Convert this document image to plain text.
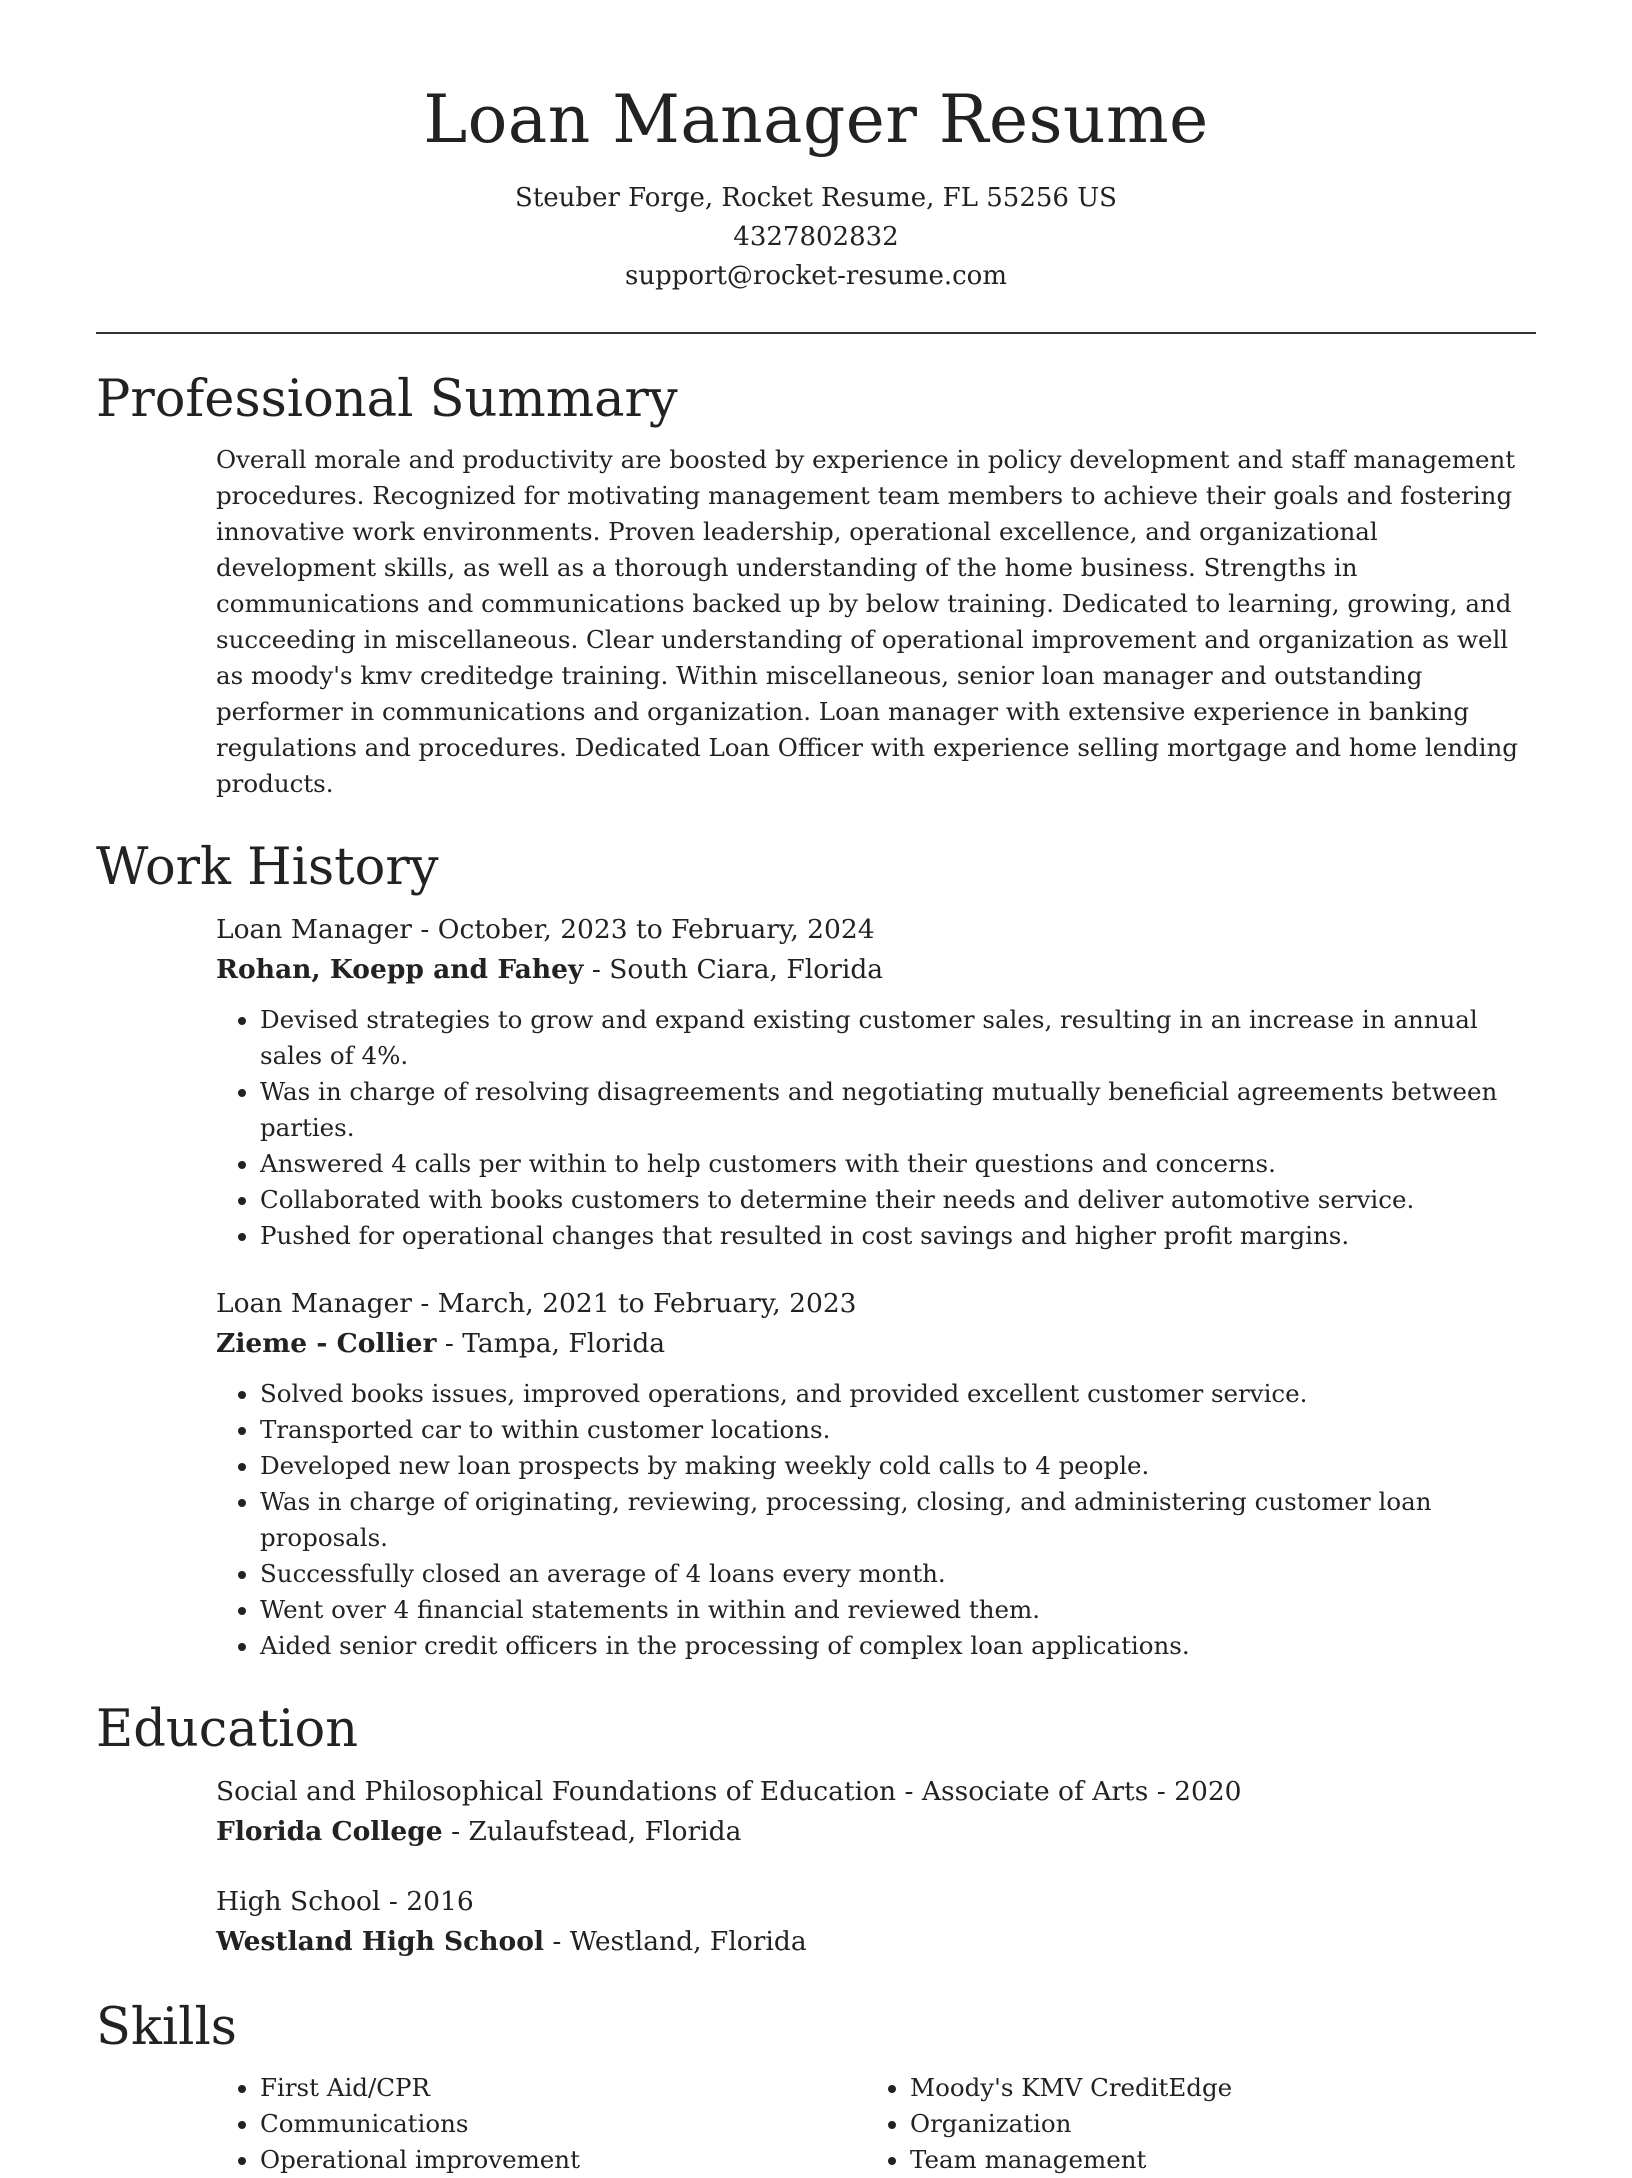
Loan Manager Resume
Steuber Forge, Rocket Resume, FL 55256 US
4327802832
support@rocket-resume.com
Professional Summary

Overall morale and productivity are boosted by experience in policy development and staff management procedures. Recognized for motivating management team members to achieve their goals and fostering innovative work environments. Proven leadership, operational excellence, and organizational development skills, as well as a thorough understanding of the home business. Strengths in communications and communications backed up by below training. Dedicated to learning, growing, and succeeding in miscellaneous. Clear understanding of operational improvement and organization as well as moody's kmv creditedge training. Within miscellaneous, senior loan manager and outstanding performer in communications and organization. Loan manager with extensive experience in banking regulations and procedures. Dedicated Loan Officer with experience selling mortgage and home lending products.

Work History
Loan Manager - October, 2023 to February, 2024
Rohan, Koepp and Fahey - South Ciara, Florida
• Devised strategies to grow and expand existing customer sales, resulting in an increase in annual sales of 4%.
• Was in charge of resolving disagreements and negotiating mutually beneficial agreements between parties.
• Answered 4 calls per within to help customers with their questions and concerns.
• Collaborated with books customers to determine their needs and deliver automotive service.
• Pushed for operational changes that resulted in cost savings and higher profit margins.
Loan Manager - March, 2021 to February, 2023
Zieme - Collier - Tampa, Florida
• Solved books issues, improved operations, and provided excellent customer service.
• Transported car to within customer locations.
• Developed new loan prospects by making weekly cold calls to 4 people.
• Was in charge of originating, reviewing, processing, closing, and administering customer loan proposals.
• Successfully closed an average of 4 loans every month.
• Went over 4 financial statements in within and reviewed them.
• Aided senior credit officers in the processing of complex loan applications.
Education
Social and Philosophical Foundations of Education - Associate of Arts - 2020
Florida College - Zulaufstead, Florida
High School - 2016
Westland High School - Westland, Florida
Skills
• First Aid/CPR
• Communications
• Operational improvement
• Moody's KMV CreditEdge
• Organization
• Team management
